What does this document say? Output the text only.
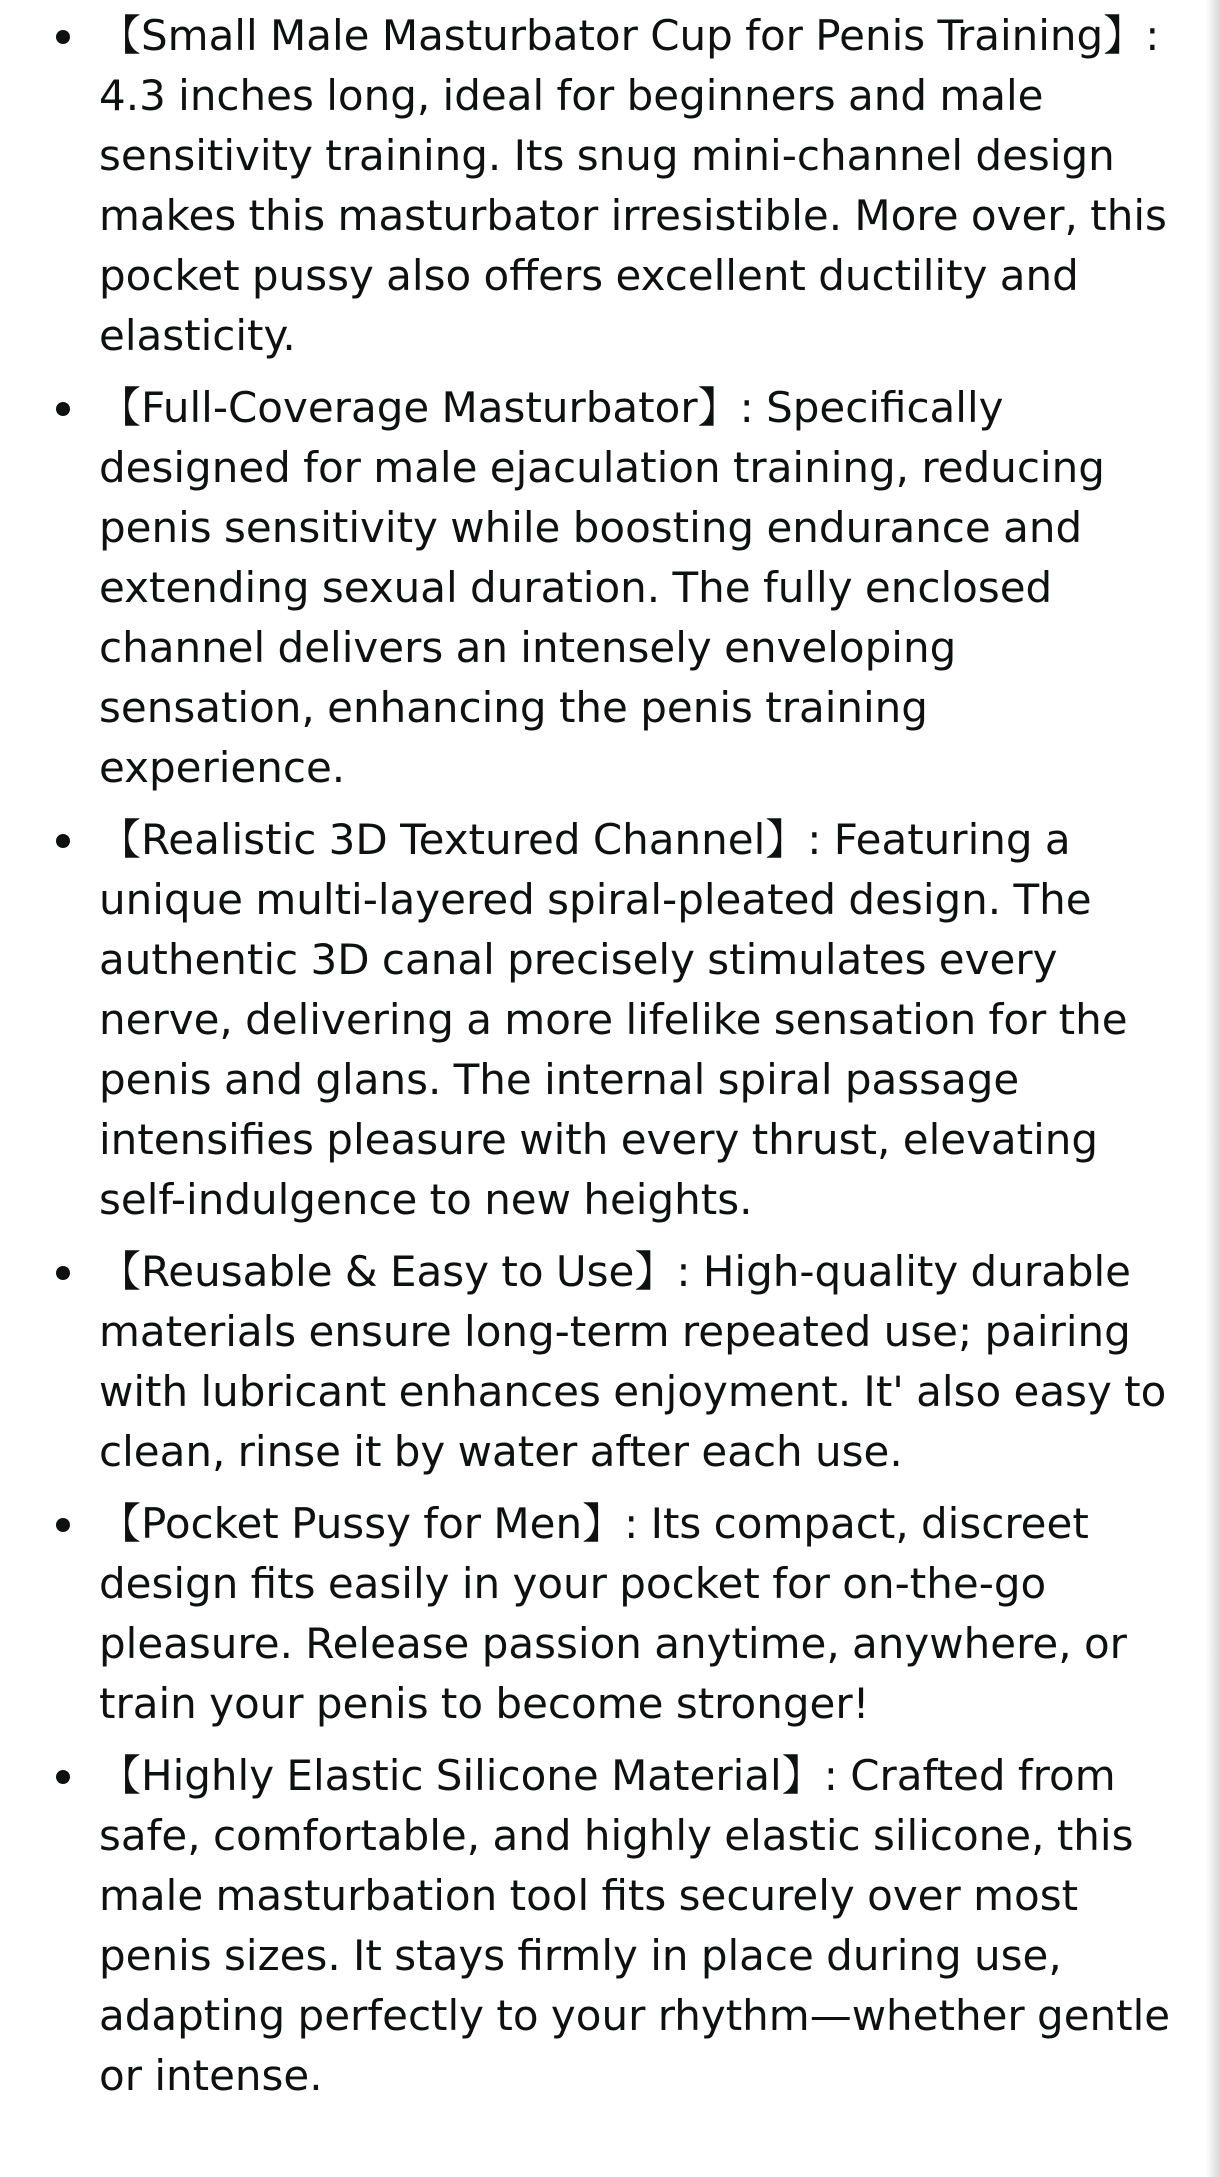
【Small Male Masturbator Cup for Penis Training】: 4.3 inches long, ideal for beginners and male sensitivity training. Its snug mini-channel design makes this masturbator irresistible. More over, this pocket pussy also offers excellent ductility and elasticity.
【Full-Coverage Masturbator】: Specifically designed for male ejaculation training, reducing penis sensitivity while boosting endurance and extending sexual duration. The fully enclosed channel delivers an intensely enveloping sensation, enhancing the penis training experience.
【Realistic 3D Textured Channel】: Featuring a unique multi-layered spiral-pleated design. The authentic 3D canal precisely stimulates every nerve, delivering a more lifelike sensation for the penis and glans. The internal spiral passage intensifies pleasure with every thrust, elevating self-indulgence to new heights.
【Reusable & Easy to Use】: High-quality durable materials ensure long-term repeated use; pairing with lubricant enhances enjoyment. It' also easy to clean, rinse it by water after each use.
【Pocket Pussy for Men】: Its compact, discreet design fits easily in your pocket for on-the-go pleasure. Release passion anytime, anywhere, or train your penis to become stronger!
【Highly Elastic Silicone Material】: Crafted from safe, comfortable, and highly elastic silicone, this male masturbation tool fits securely over most penis sizes. It stays firmly in place during use, adapting perfectly to your rhythm—whether gentle or intense.
